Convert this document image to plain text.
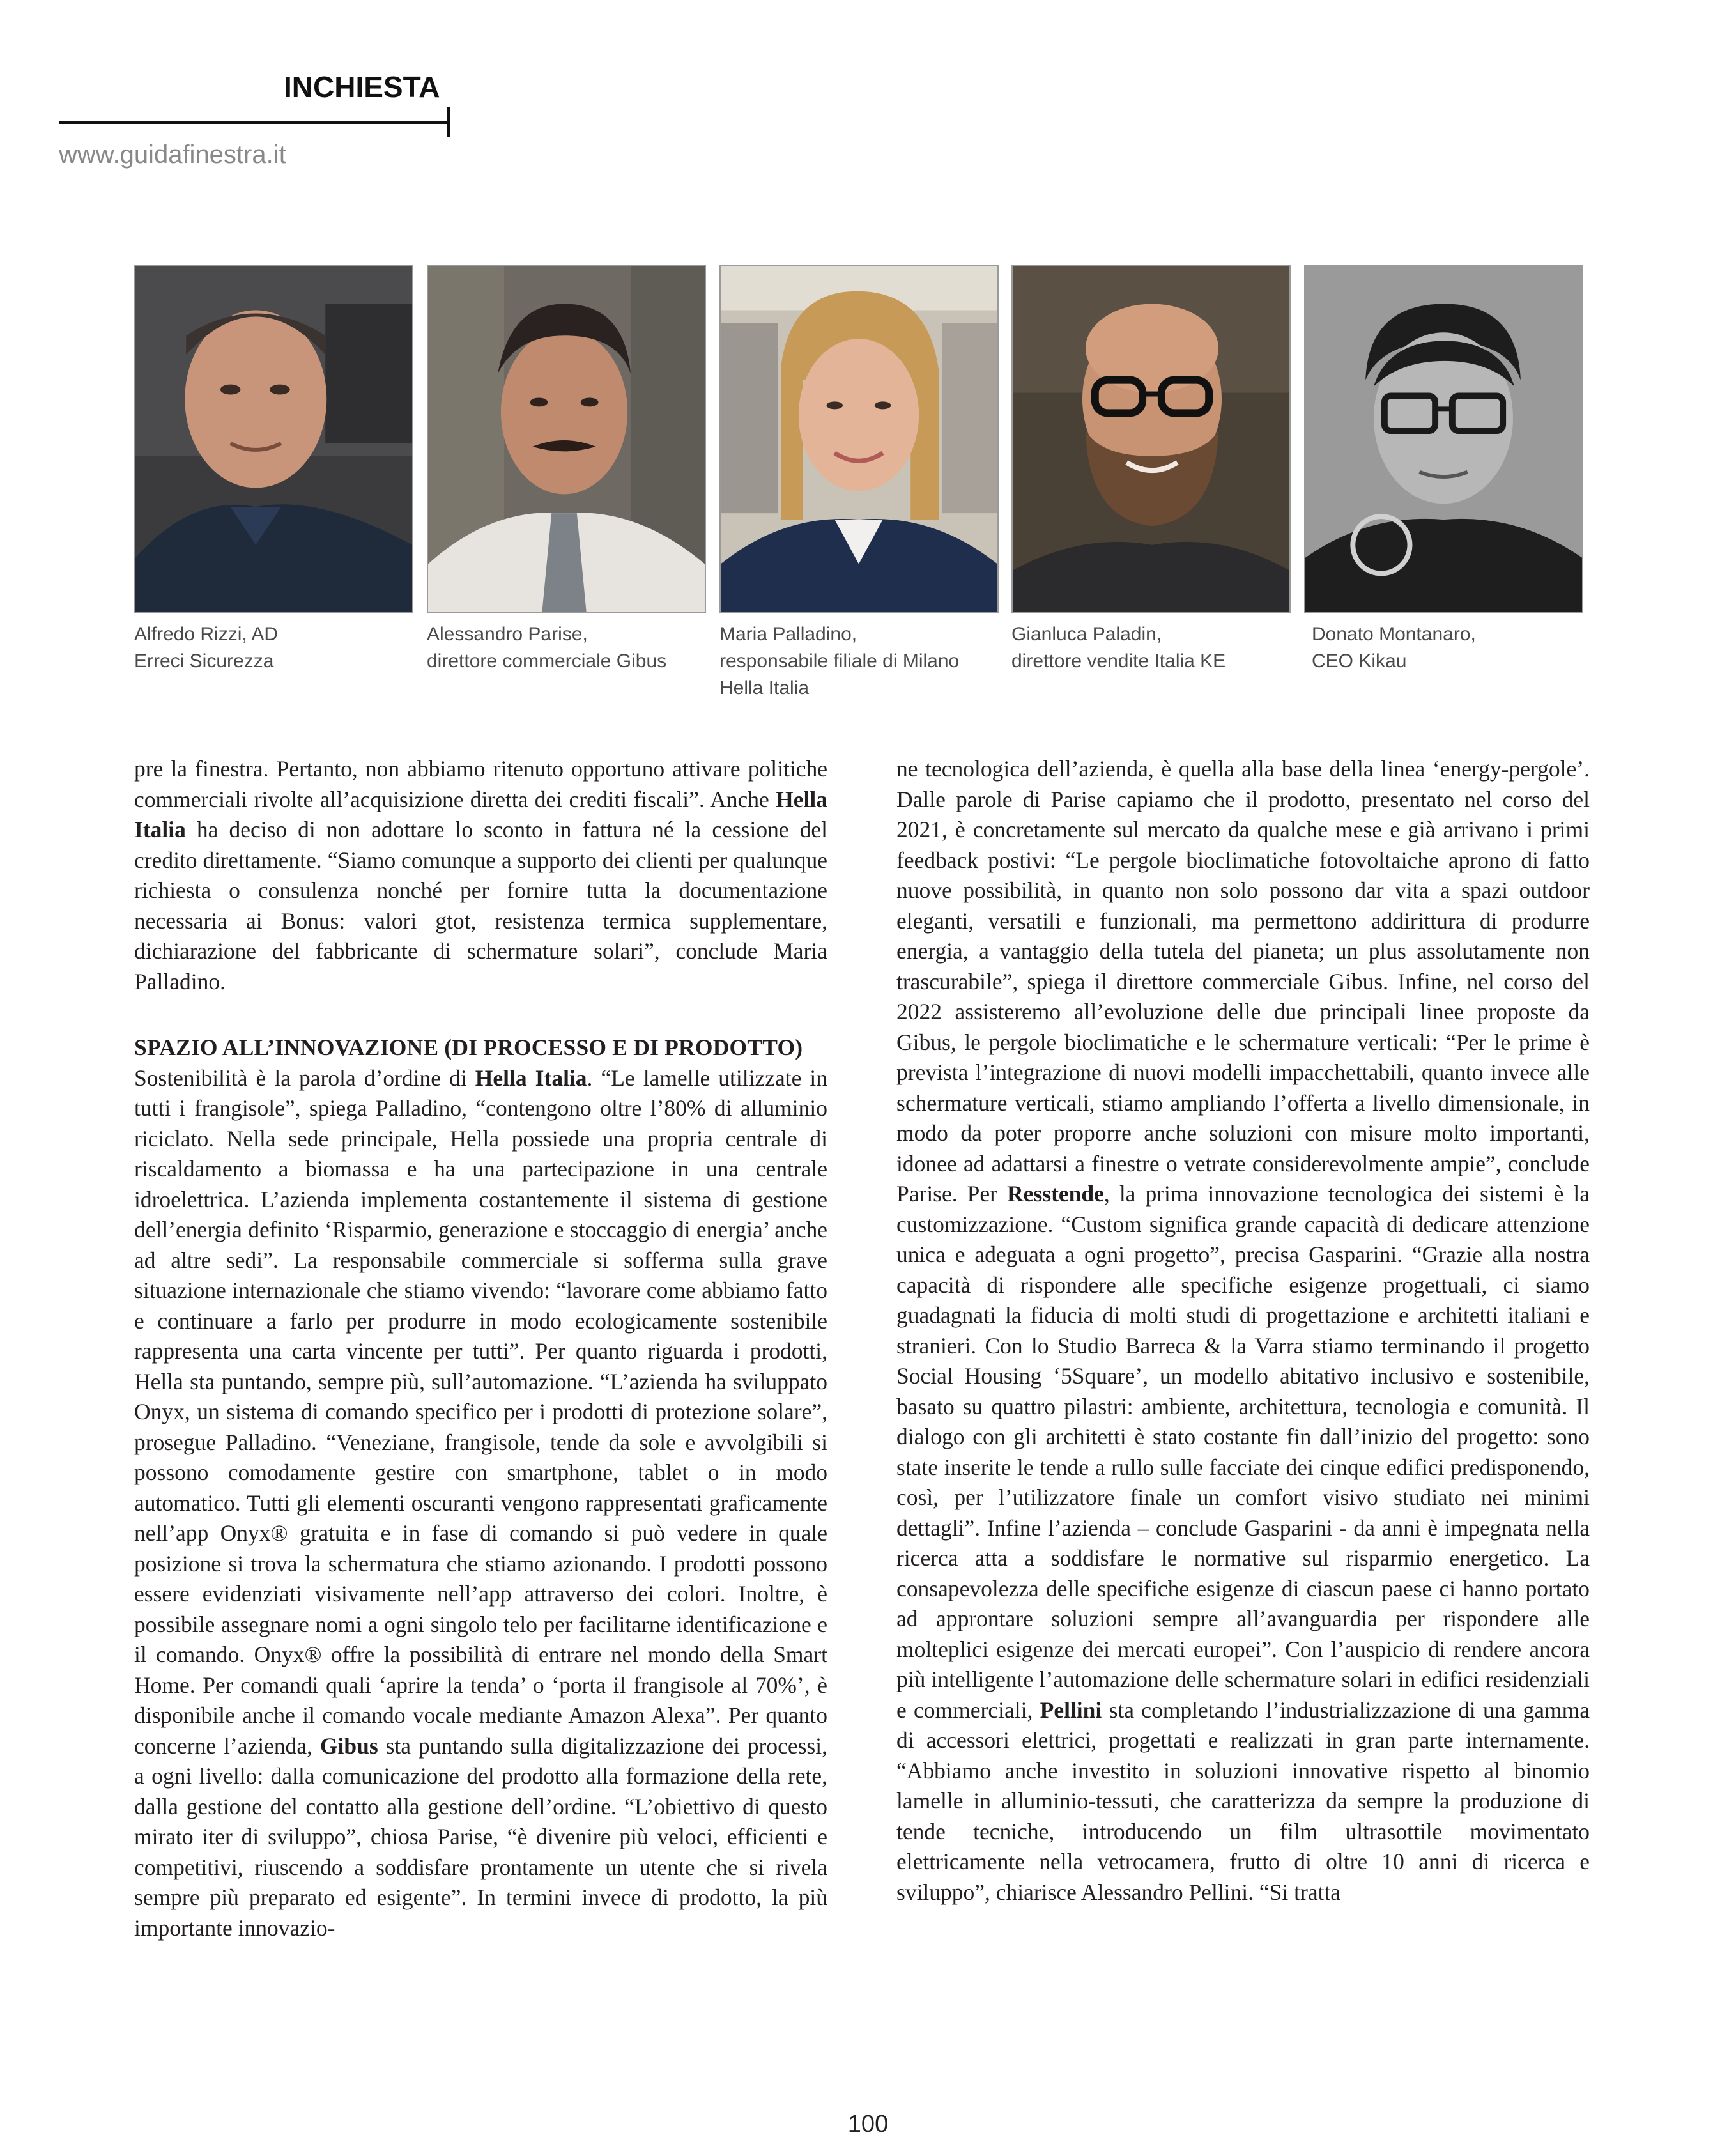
INCHIESTA
www.guidafinestra.it
Alfredo Rizzi, AD
Erreci Sicurezza
Alessandro Parise,
direttore commerciale Gibus
Maria Palladino,
responsabile filiale di Milano
Hella Italia
Gianluca Paladin,
direttore vendite Italia KE
Donato Montanaro,
CEO Kikau

pre la finestra. Pertanto, non abbiamo ritenuto opportuno attivare politiche commerciali rivolte all’acquisizione diretta dei crediti fiscali”. Anche Hella Italia ha deciso di non adottare lo sconto in fattura né la cessione del credito direttamente. “Siamo comunque a supporto dei clienti per qualunque richiesta o consulenza nonché per fornire tutta la documentazione necessaria ai Bonus: valori gtot, resistenza termica supplementare, dichiarazione del fabbricante di schermature solari”, conclude Maria Palladino.

SPAZIO ALL’INNOVAZIONE (DI PROCESSO E DI PRODOTTO)

Sostenibilità è la parola d’ordine di Hella Italia. “Le lamelle utilizzate in tutti i frangisole”, spiega Palladino, “contengono oltre l’80% di alluminio riciclato. Nella sede principale, Hella possiede una propria centrale di riscaldamento a biomassa e ha una partecipazione in una centrale idroelettrica. L’azienda implementa costantemente il sistema di gestione dell’energia definito ‘Risparmio, generazione e stoccaggio di energia’ anche ad altre sedi”. La responsabile commerciale si sofferma sulla grave situazione internazionale che stiamo vivendo: “lavorare come abbiamo fatto e continuare a farlo per produrre in modo ecologicamente sostenibile rappresenta una carta vincente per tutti”. Per quanto riguarda i prodotti, Hella sta puntando, sempre più, sull’automazione. “L’azienda ha sviluppato Onyx, un sistema di comando specifico per i prodotti di protezione solare”, prosegue Palladino. “Veneziane, frangisole, tende da sole e avvolgibili si possono comodamente gestire con smartphone, tablet o in modo automatico. Tutti gli elementi oscuranti vengono rappresentati graficamente nell’app Onyx® gratuita e in fase di comando si può vedere in quale posizione si trova la schermatura che stiamo azionando. I prodotti possono essere evidenziati visivamente nell’app attraverso dei colori. Inoltre, è possibile assegnare nomi a ogni singolo telo per facilitarne identificazione e il comando. Onyx® offre la possibilità di entrare nel mondo della Smart Home. Per comandi quali ‘aprire la tenda’ o ‘porta il frangisole al 70%’, è disponibile anche il comando vocale mediante Amazon Alexa”. Per quanto concerne l’azienda, Gibus sta puntando sulla digitalizzazione dei processi, a ogni livello: dalla comunicazione del prodotto alla formazione della rete, dalla gestione del contatto alla gestione dell’ordine. “L’obiettivo di questo mirato iter di sviluppo”, chiosa Parise, “è divenire più veloci, efficienti e competitivi, riuscendo a soddisfare prontamente un utente che si rivela sempre più preparato ed esigente”. In termini invece di prodotto, la più importante innovazio-

ne tecnologica dell’azienda, è quella alla base della linea ‘energy-pergole’. Dalle parole di Parise capiamo che il prodotto, presentato nel corso del 2021, è concretamente sul mercato da qualche mese e già arrivano i primi feedback postivi: “Le pergole bioclimatiche fotovoltaiche aprono di fatto nuove possibilità, in quanto non solo possono dar vita a spazi outdoor eleganti, versatili e funzionali, ma permettono addirittura di produrre energia, a vantaggio della tutela del pianeta; un plus assolutamente non trascurabile”, spiega il direttore commerciale Gibus. Infine, nel corso del 2022 assisteremo all’evoluzione delle due principali linee proposte da Gibus, le pergole bioclimatiche e le schermature verticali: “Per le prime è prevista l’integrazione di nuovi modelli impacchettabili, quanto invece alle schermature verticali, stiamo ampliando l’offerta a livello dimensionale, in modo da poter proporre anche soluzioni con misure molto importanti, idonee ad adattarsi a finestre o vetrate considerevolmente ampie”, conclude Parise. Per Resstende, la prima innovazione tecnologica dei sistemi è la customizzazione. “Custom significa grande capacità di dedicare attenzione unica e adeguata a ogni progetto”, precisa Gasparini. “Grazie alla nostra capacità di rispondere alle specifiche esigenze progettuali, ci siamo guadagnati la fiducia di molti studi di progettazione e architetti italiani e stranieri. Con lo Studio Barreca & la Varra stiamo terminando il progetto Social Housing ‘5Square’, un modello abitativo inclusivo e sostenibile, basato su quattro pilastri: ambiente, architettura, tecnologia e comunità. Il dialogo con gli architetti è stato costante fin dall’inizio del progetto: sono state inserite le tende a rullo sulle facciate dei cinque edifici predisponendo, così, per l’utilizzatore finale un comfort visivo studiato nei minimi dettagli”. Infine l’azienda – conclude Gasparini - da anni è impegnata nella ricerca atta a soddisfare le normative sul risparmio energetico. La consapevolezza delle specifiche esigenze di ciascun paese ci hanno portato ad approntare soluzioni sempre all’avanguardia per rispondere alle molteplici esigenze dei mercati europei”. Con l’auspicio di rendere ancora più intelligente l’automazione delle schermature solari in edifici residenziali e commerciali, Pellini sta completando l’industrializzazione di una gamma di accessori elettrici, progettati e realizzati in gran parte internamente. “Abbiamo anche investito in soluzioni innovative rispetto al binomio lamelle in alluminio-tessuti, che caratterizza da sempre la produzione di tende tecniche, introducendo un film ultrasottile movimentato elettricamente nella vetrocamera, frutto di oltre 10 anni di ricerca e sviluppo”, chiarisce Alessandro Pellini. “Si tratta

100
